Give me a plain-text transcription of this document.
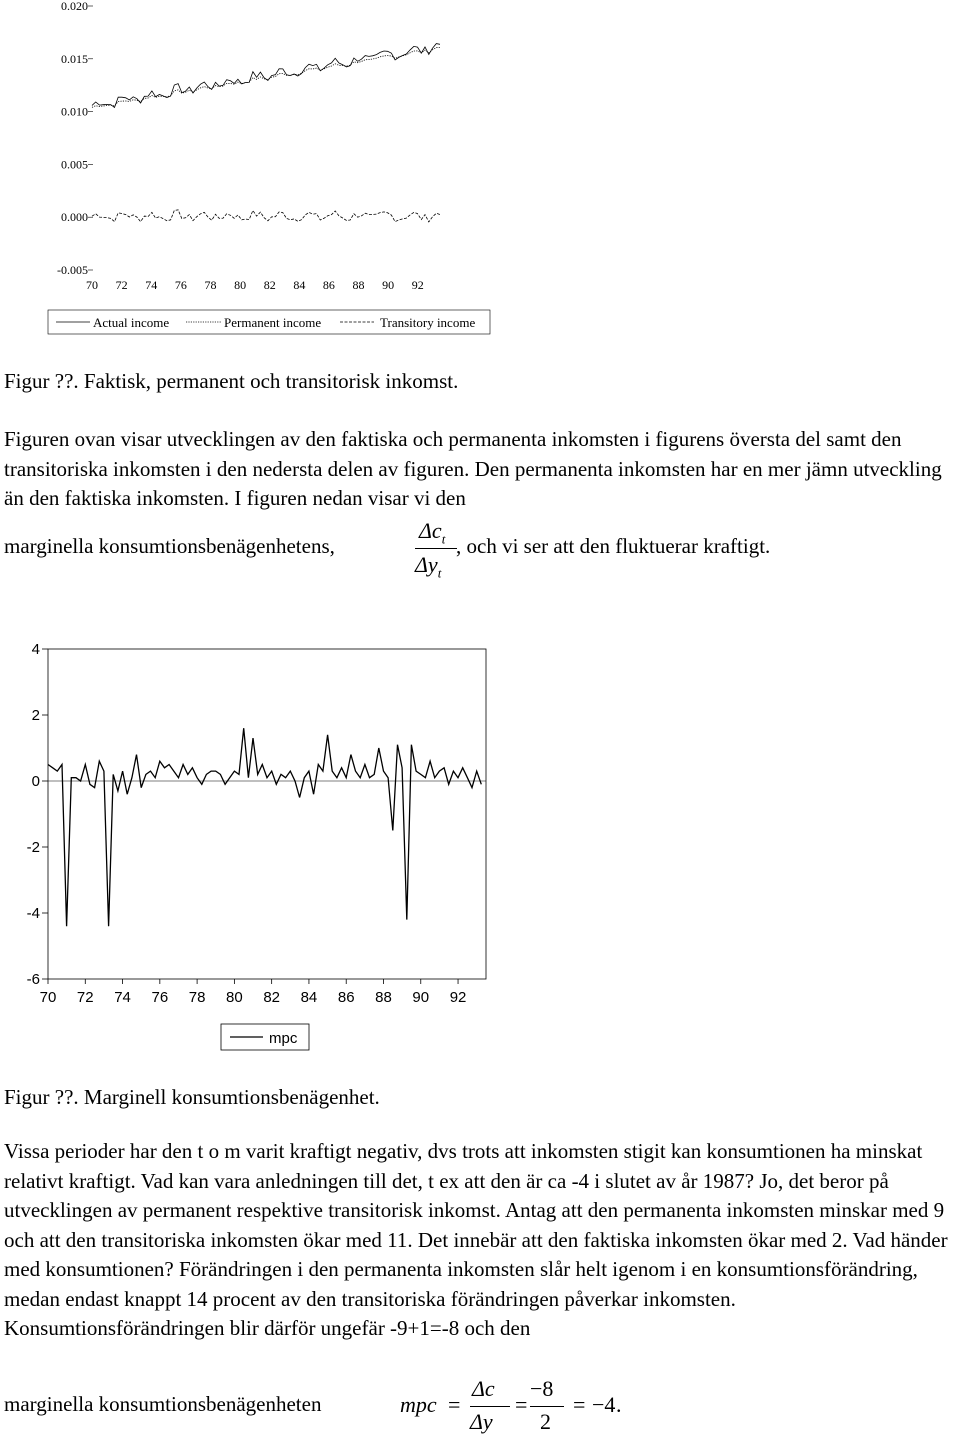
0.020
0.015
0.010
0.005
0.000
-0.005
70 72 74 76 78 80 82 84 86 88 90 92
Actual income	Permanent income	Transitory income

Figur ??. Faktisk, permanent och transitorisk inkomst.

Figuren ovan visar utvecklingen av den faktiska och permanenta inkomsten i figurens översta del samt den transitoriska inkomsten i den nedersta delen av figuren. Den permanenta inkomsten har en mer jämn utveckling än den faktiska inkomsten. I figuren nedan visar vi den

marginella konsumtionsbenägenhetens,
$\Delta c_t$
$\Delta y_t$
, och vi ser att den fluktuerar kraftigt.
4
2
0
-2
-4
-6
70 72 74 76 78 80 82 84 86 88 90 92
mpc

Figur ??. Marginell konsumtionsbenägenhet.

Vissa perioder har den t o m varit kraftigt negativ, dvs trots att inkomsten stigit kan konsumtionen ha minskat relativt kraftigt. Vad kan vara anledningen till det, t ex att den är ca -4 i slutet av år 1987? Jo, det beror på utvecklingen av permanent respektive transitorisk inkomst. Antag att den permanenta inkomsten minskar med 9 och att den transitoriska inkomsten ökar med 11. Det innebär att den faktiska inkomsten ökar med 2. Vad händer med konsumtionen? Förändringen i den permanenta inkomsten slår helt igenom i en konsumtionsförändring, medan endast knappt 14 procent av den transitoriska förändringen påverkar inkomsten. Konsumtionsförändringen blir därför ungefär -9+1=-8 och den

marginella konsumtionsbenägenheten	mpc =
Δc
Δy
=
−8
2
= −4 .
